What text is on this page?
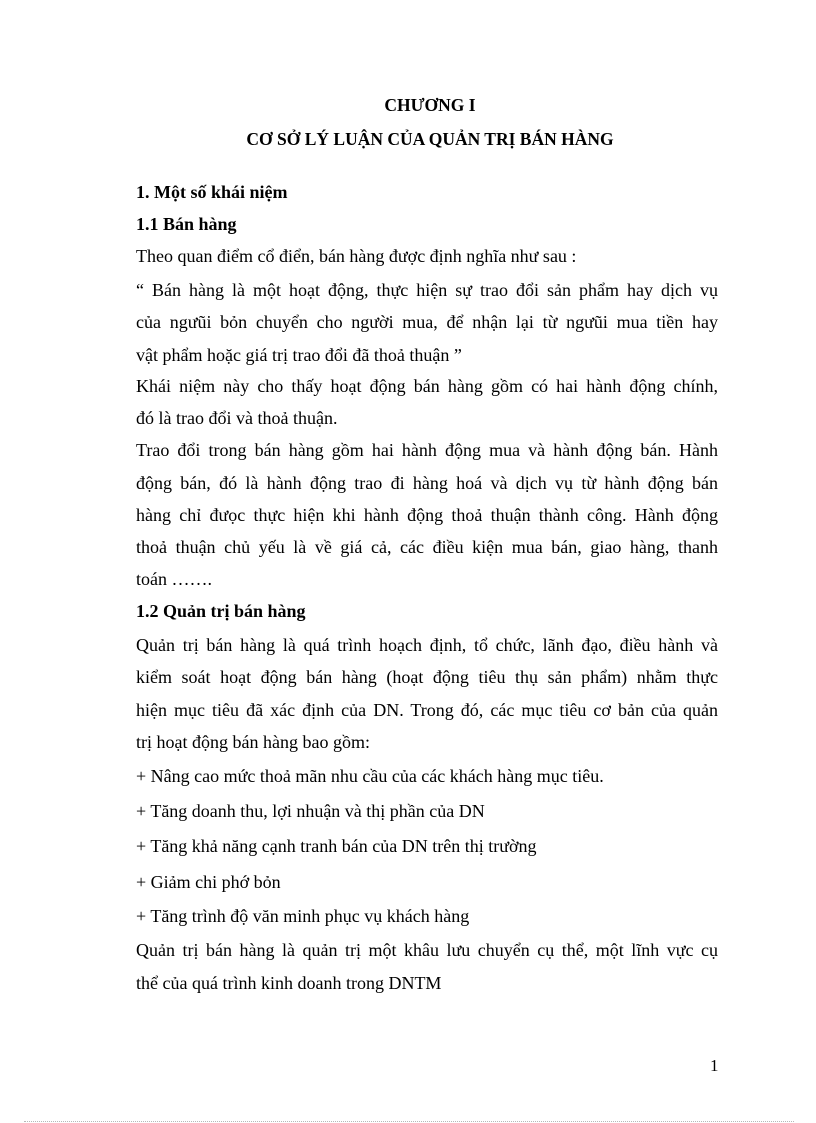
CHƯƠNG I
CƠ SỞ LÝ LUẬN CỦA QUẢN TRỊ BÁN HÀNG
1. Một số khái niệm
1.1 Bán hàng
Theo quan điểm cổ điển, bán hàng được định nghĩa như sau :
“ Bán hàng là một hoạt động, thực hiện sự trao đổi sản phẩm hay dịch vụ
của ngưũi bỏn chuyển cho người mua, để nhận lại từ ngưũi mua tiền hay
vật phẩm hoặc giá trị trao đổi đã thoả thuận ”
Khái niệm này cho thấy hoạt động bán hàng gồm có hai hành động chính,
đó là trao đổi và thoả thuận.
Trao đổi trong bán hàng gồm hai hành động mua và hành động bán. Hành
động bán, đó là hành động trao đi hàng hoá và dịch vụ từ hành động bán
hàng chỉ đưọc thực hiện khi hành động thoả thuận thành công. Hành động
thoả thuận chủ yếu là về giá cả, các điều kiện mua bán, giao hàng, thanh
toán …….
1.2 Quản trị bán hàng
Quản trị bán hàng là quá trình hoạch định, tổ chức, lãnh đạo, điều hành và
kiểm soát hoạt động bán hàng (hoạt động tiêu thụ sản phẩm) nhằm thực
hiện mục tiêu đã xác định của DN. Trong đó, các mục tiêu cơ bản của quản
trị hoạt động bán hàng bao gồm:
+ Nâng cao mức thoả mãn nhu cầu của các khách hàng mục tiêu.
+ Tăng doanh thu, lợi nhuận và thị phần của DN
+ Tăng khả năng cạnh tranh bán của DN trên thị trường
+ Giảm chi phớ bỏn
+ Tăng trình độ văn minh phục vụ khách hàng
Quản trị bán hàng là quản trị một khâu lưu chuyển cụ thể, một lĩnh vực cụ
thể của quá trình kinh doanh trong DNTM
1
